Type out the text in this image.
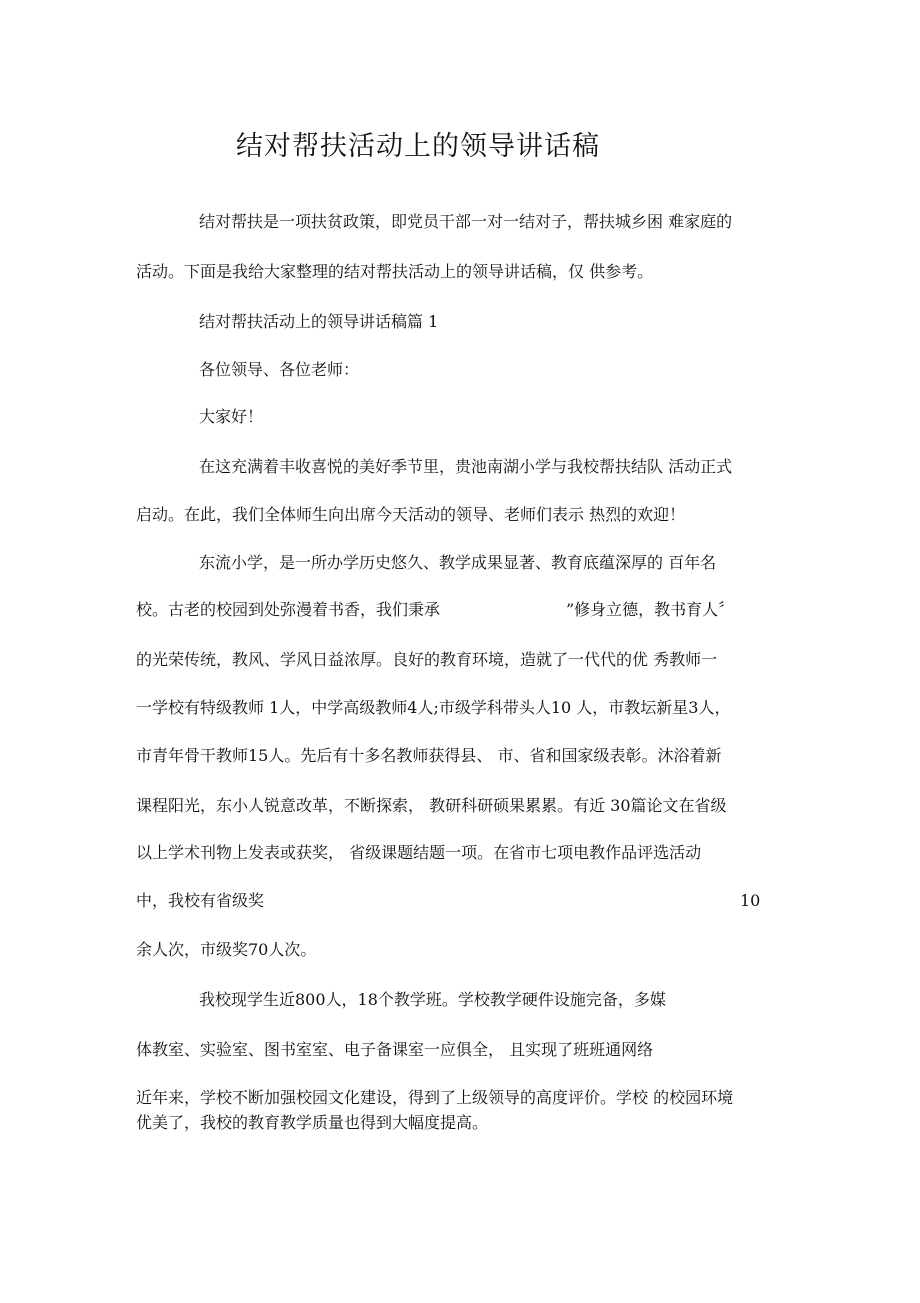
结对帮扶活动上的领导讲话稿

结对帮扶是一项扶贫政策，即党员干部一对一结对子，帮扶城乡困 难家庭的

活动。下面是我给大家整理的结对帮扶活动上的领导讲话稿，仅 供参考。

结对帮扶活动上的领导讲话稿篇 1

各位领导、各位老师：

大家好！

在这充满着丰收喜悦的美好季节里，贵池南湖小学与我校帮扶结队 活动正式

启动。在此，我们全体师生向出席今天活动的领导、老师们表示 热烈的欢迎！

东流小学，是一所办学历史悠久、教学成果显著、教育底蕴深厚的 百年名

校。古老的校园到处弥漫着书香，我们秉承	”修身立德，教书育人〞

的光荣传统，教风、学风日益浓厚。良好的教育环境，造就了一代代的优 秀教师一

一学校有特级教师 1人，中学高级教师4人;市级学科带头人10 人，市教坛新星3人，

市青年骨干教师15人。先后有十多名教师获得县、 市、省和国家级表彰。沐浴着新

课程阳光，东小人锐意改革，不断探索， 教研科研硕果累累。有近 30篇论文在省级

以上学术刊物上发表或获奖， 省级课题结题一项。在省市七项电教作品评选活动

中，我校有省级奖	10

余人次，市级奖70人次。

我校现学生近800人，18个教学班。学校教学硬件设施完备，多媒

体教室、实验室、图书室室、电子备课室一应俱全， 且实现了班班通网络

近年来，学校不断加强校园文化建设，得到了上级领导的高度评价。学校 的校园环境

优美了，我校的教育教学质量也得到大幅度提高。
